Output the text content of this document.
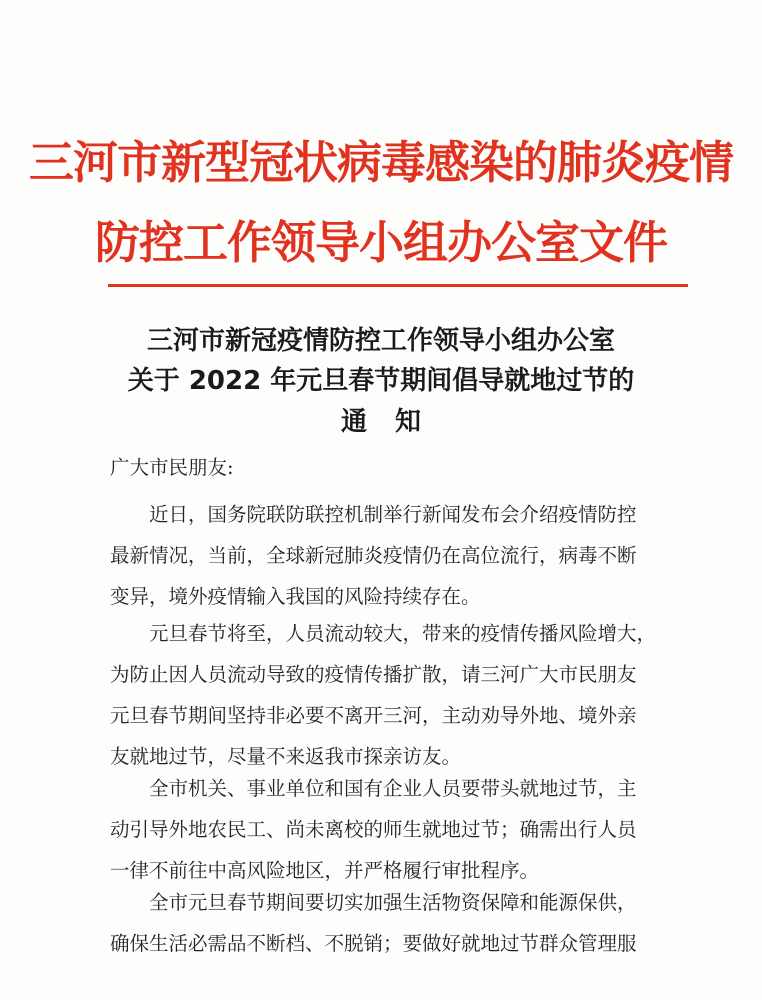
三河市新型冠状病毒感染的肺炎疫情
防控工作领导小组办公室文件
三河市新冠疫情防控工作领导小组办公室
关于 2022 年元旦春节期间倡导就地过节的
通知
广大市民朋友:
近日，国务院联防联控机制举行新闻发布会介绍疫情防控
最新情况，当前，全球新冠肺炎疫情仍在高位流行，病毒不断
变异，境外疫情输入我国的风险持续存在。
元旦春节将至，人员流动较大，带来的疫情传播风险增大，
为防止因人员流动导致的疫情传播扩散，请三河广大市民朋友
元旦春节期间坚持非必要不离开三河，主动劝导外地、境外亲
友就地过节，尽量不来返我市探亲访友。
全市机关、事业单位和国有企业人员要带头就地过节，主
动引导外地农民工、尚未离校的师生就地过节；确需出行人员
一律不前往中高风险地区，并严格履行审批程序。
全市元旦春节期间要切实加强生活物资保障和能源保供，
确保生活必需品不断档、不脱销；要做好就地过节群众管理服
